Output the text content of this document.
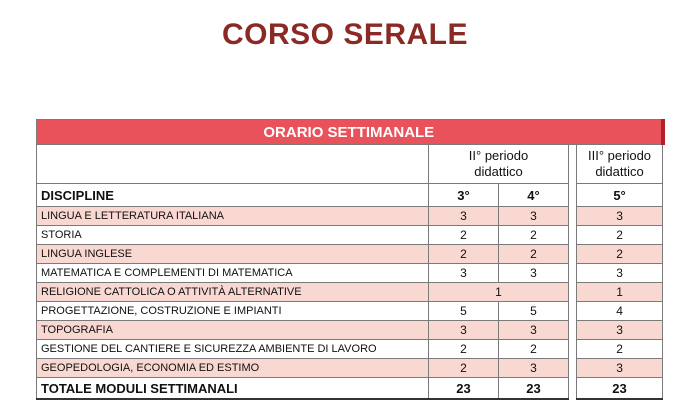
CORSO SERALE
ORARIO SETTIMANALE				

	II° periodo didattico			III° periodo didattico

DISCIPLINE	3°	4°		5°
LINGUA E LETTERATURA ITALIANA	3	3		3
STORIA	2	2		2
LINGUA INGLESE	2	2		2
MATEMATICA E COMPLEMENTI DI MATEMATICA	3	3		3
RELIGIONE CATTOLICA O ATTIVITÀ ALTERNATIVE	1			1
PROGETTAZIONE, COSTRUZIONE E IMPIANTI	5	5		4
TOPOGRAFIA	3	3		3
GESTIONE DEL CANTIERE E SICUREZZA AMBIENTE DI LAVORO	2	2		2
GEOPEDOLOGIA, ECONOMIA ED ESTIMO	2	3		3
TOTALE MODULI SETTIMANALI	23	23		23
